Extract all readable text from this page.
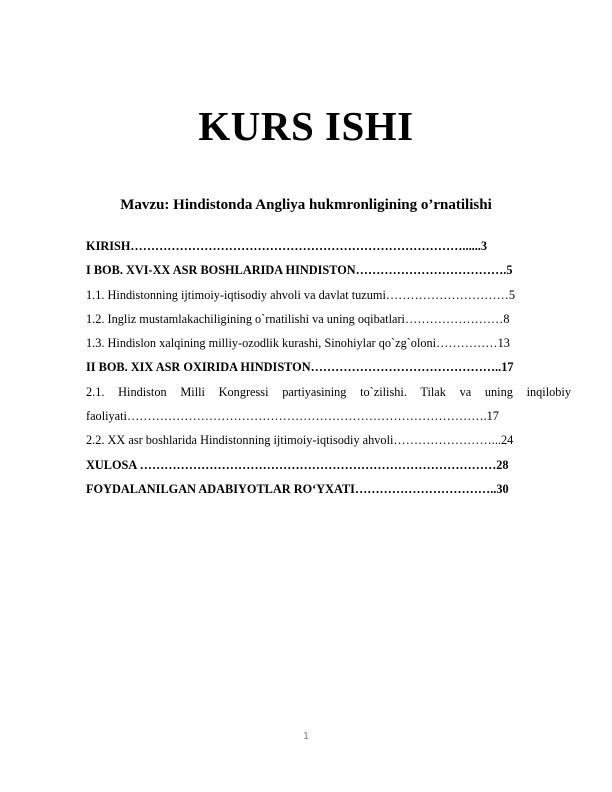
KURS ISHI
Mavzu: Hindistonda Angliya hukmronligining o’rnatilishi
KIRISH………………………………………………………………………......3
I BOB. XVI-XX ASR BOSHLARIDA HINDISTON……………………………….5
1.1. Hindistonning ijtimoiy-iqtisodiy ahvoli va davlat tuzumi…………………………5
1.2. Ingliz mustamlakachiligining o`rnatilishi va uning oqibatlari……………………8
1.3. Hindislon xalqining milliy-ozodlik kurashi, Sinohiylar qo`zg`oloni……………13
II BOB. XIX ASR OXIRIDA HINDISTON………………………………………..17
2.1. Hindiston Milli Kongressi partiyasining to`zilishi. Tilak va uning inqilobiy
faoliyati…………………………………………………………………………….17
2.2. XX asr boshlarida Hindistonning ijtimoiy-iqtisodiy ahvoli……………………...24
XULOSA ……………………………………………………………………………28
FOYDALANILGAN ADABIYOTLAR RO‘YXATI……………………………..30
1
